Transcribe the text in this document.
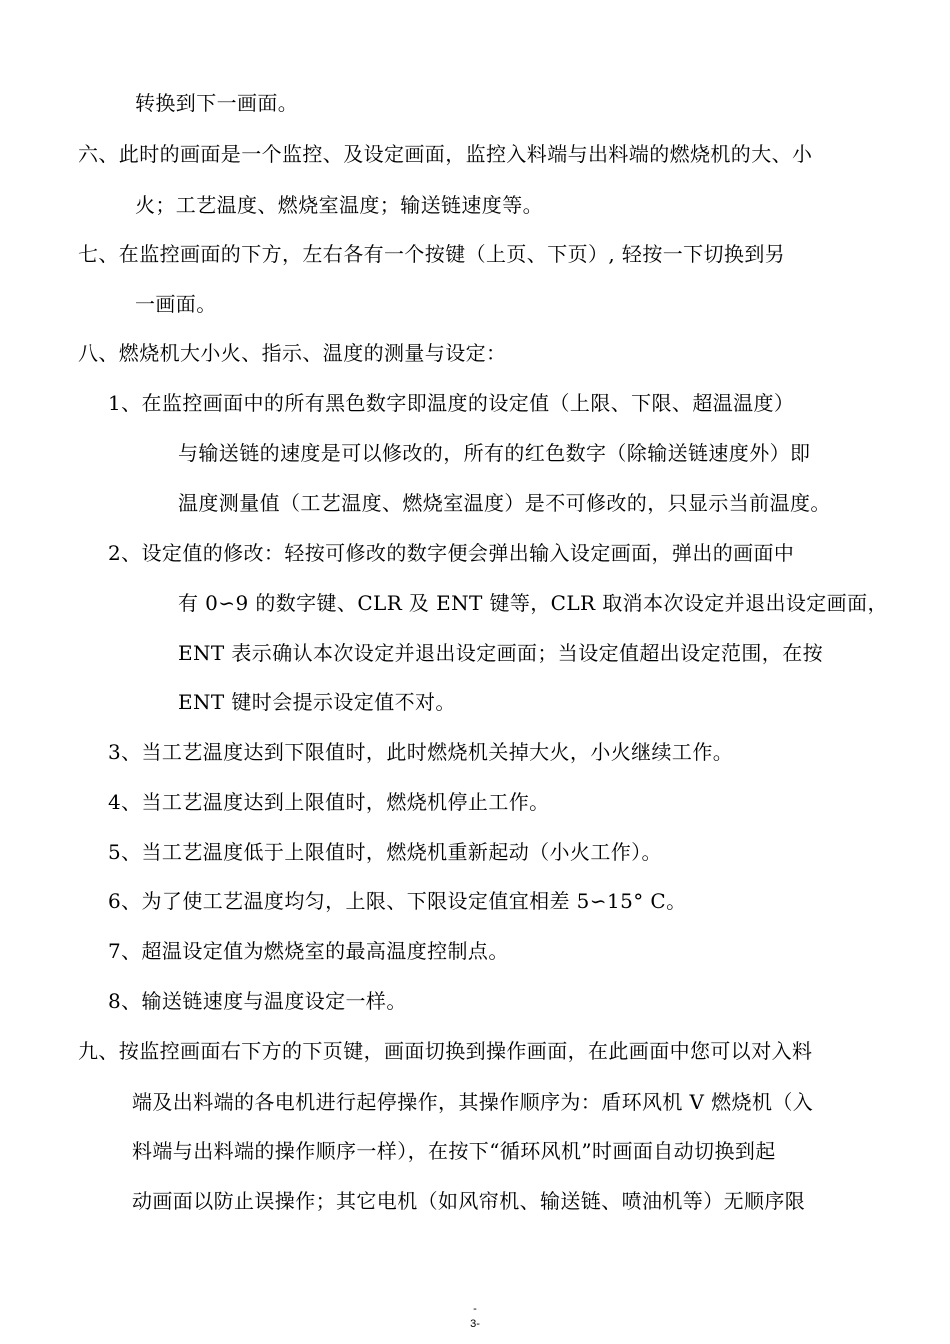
转换到下一画面。
六、此时的画面是一个监控、及设定画面，监控入料端与出料端的燃烧机的大、小
火；工艺温度、燃烧室温度；输送链速度等。
七、在监控画面的下方，左右各有一个按键（上页、下页）, 轻按一下切换到另
一画面。
八、燃烧机大小火、指示、温度的测量与设定：
1、在监控画面中的所有黑色数字即温度的设定值（上限、下限、超温温度）
与输送链的速度是可以修改的，所有的红色数字（除输送链速度外）即
温度测量值（工艺温度、燃烧室温度）是不可修改的，只显示当前温度。
2、设定值的修改：轻按可修改的数字便会弹出输入设定画面，弹出的画面中
有 0∽9 的数字键、CLR 及 ENT 键等，CLR 取消本次设定并退出设定画面，
ENT 表示确认本次设定并退出设定画面；当设定值超出设定范围，在按
ENT 键时会提示设定值不对。
3、当工艺温度达到下限值时，此时燃烧机关掉大火，小火继续工作。
4、当工艺温度达到上限值时，燃烧机停止工作。
5、当工艺温度低于上限值时，燃烧机重新起动（小火工作）。
6、为了使工艺温度均匀，上限、下限设定值宜相差 5∽15° C。
7、超温设定值为燃烧室的最高温度控制点。
8、输送链速度与温度设定一样。
九、按监控画面右下方的下页键，画面切换到操作画面，在此画面中您可以对入料
端及出料端的各电机进行起停操作，其操作顺序为：盾环风机 V 燃烧机（入
料端与出料端的操作顺序一样），在按下“循环风机”时画面自动切换到起
动画面以防止误操作；其它电机（如风帘机、输送链、喷油机等）无顺序限
-
3-
